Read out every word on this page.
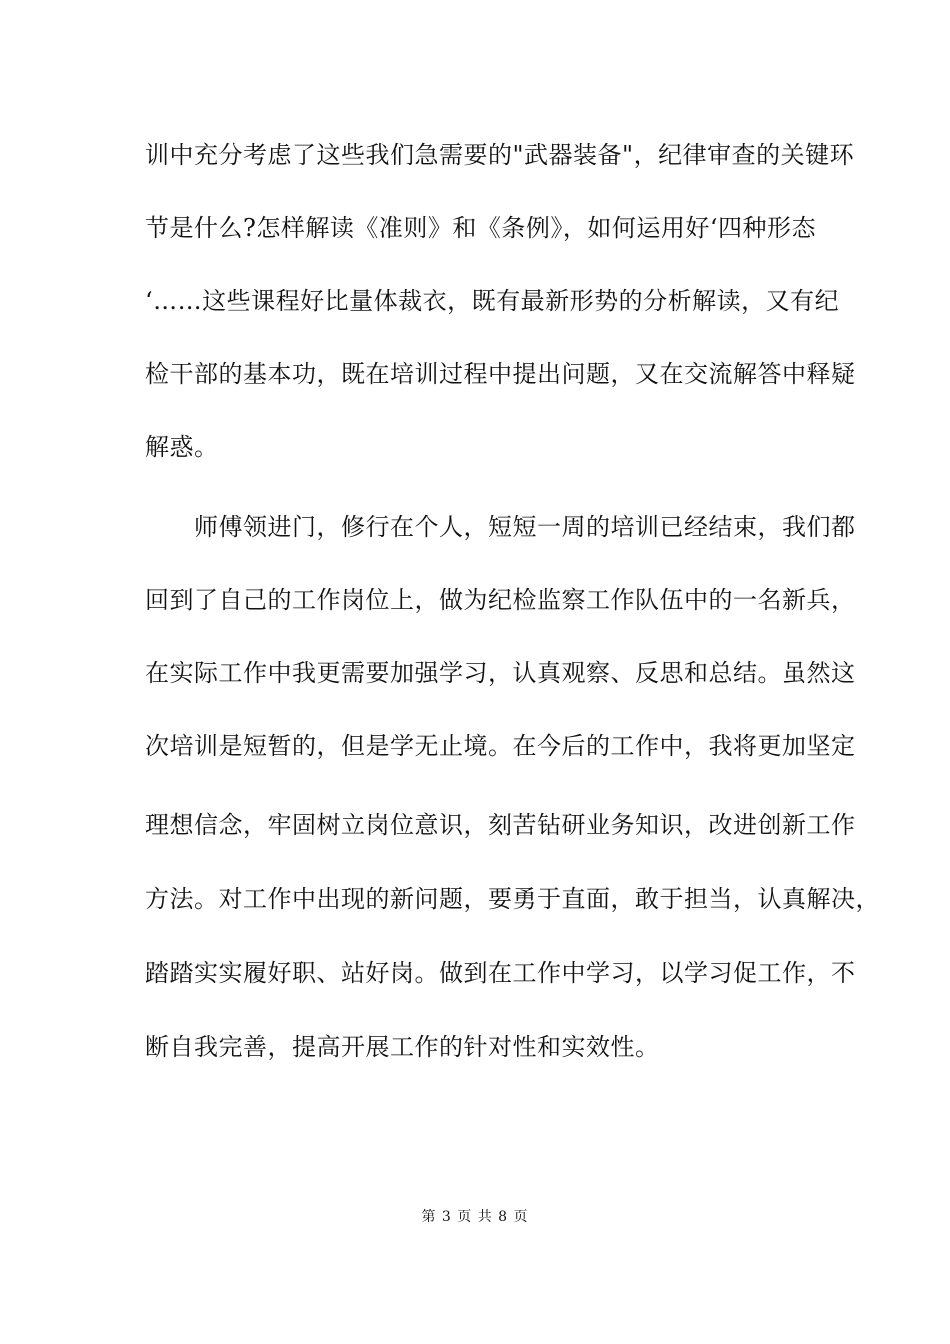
训中充分考虑了这些我们急需要的"武器装备"，纪律审查的关键环
节是什么?怎样解读《准则》和《条例》，如何运用好‘四种形态
‘……这些课程好比量体裁衣，既有最新形势的分析解读，又有纪
检干部的基本功，既在培训过程中提出问题，又在交流解答中释疑
解惑。
　　师傅领进门，修行在个人，短短一周的培训已经结束，我们都
回到了自己的工作岗位上，做为纪检监察工作队伍中的一名新兵，
在实际工作中我更需要加强学习，认真观察、反思和总结。虽然这
次培训是短暂的，但是学无止境。在今后的工作中，我将更加坚定
理想信念，牢固树立岗位意识，刻苦钻研业务知识，改进创新工作
方法。对工作中出现的新问题，要勇于直面，敢于担当，认真解决，
踏踏实实履好职、站好岗。做到在工作中学习，以学习促工作，不
断自我完善，提高开展工作的针对性和实效性。
第 3 页 共 8 页
